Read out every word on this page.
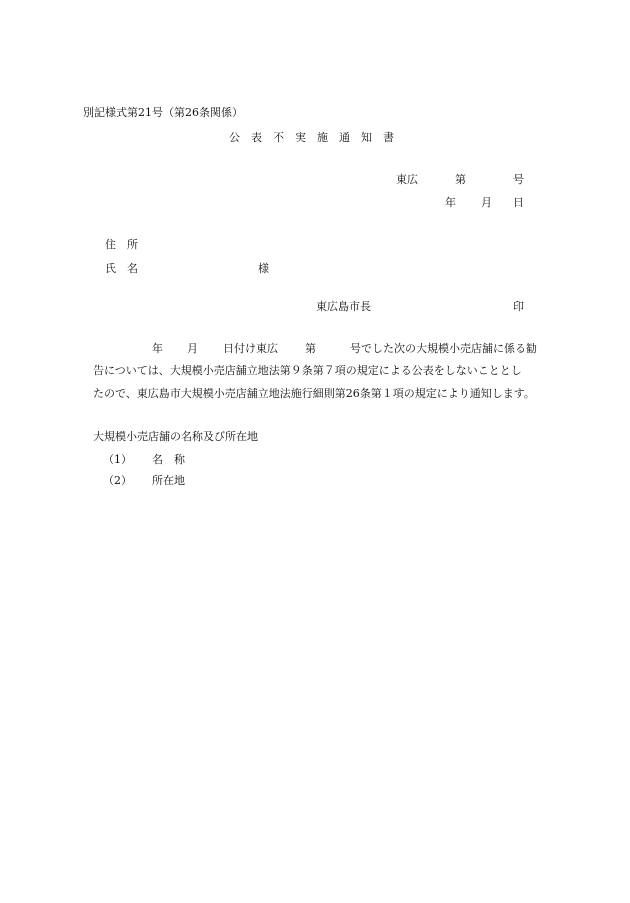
別記様式第21号（第26条関係）
公　表　不　実　施　通　知　書
東広	第	号
年 月 日
住　所
氏　名	様
東広島市長	印
年 月 日付け東広 第	号でした次の大規模小売店舗に係る勧
告については、大規模小売店舗立地法第９条第７項の規定による公表をしないこととし
たので、東広島市大規模小売店舗立地法施行細則第26条第１項の規定により通知します。
大規模小売店舗の名称及び所在地
（1） 名　称
（2） 所在地
